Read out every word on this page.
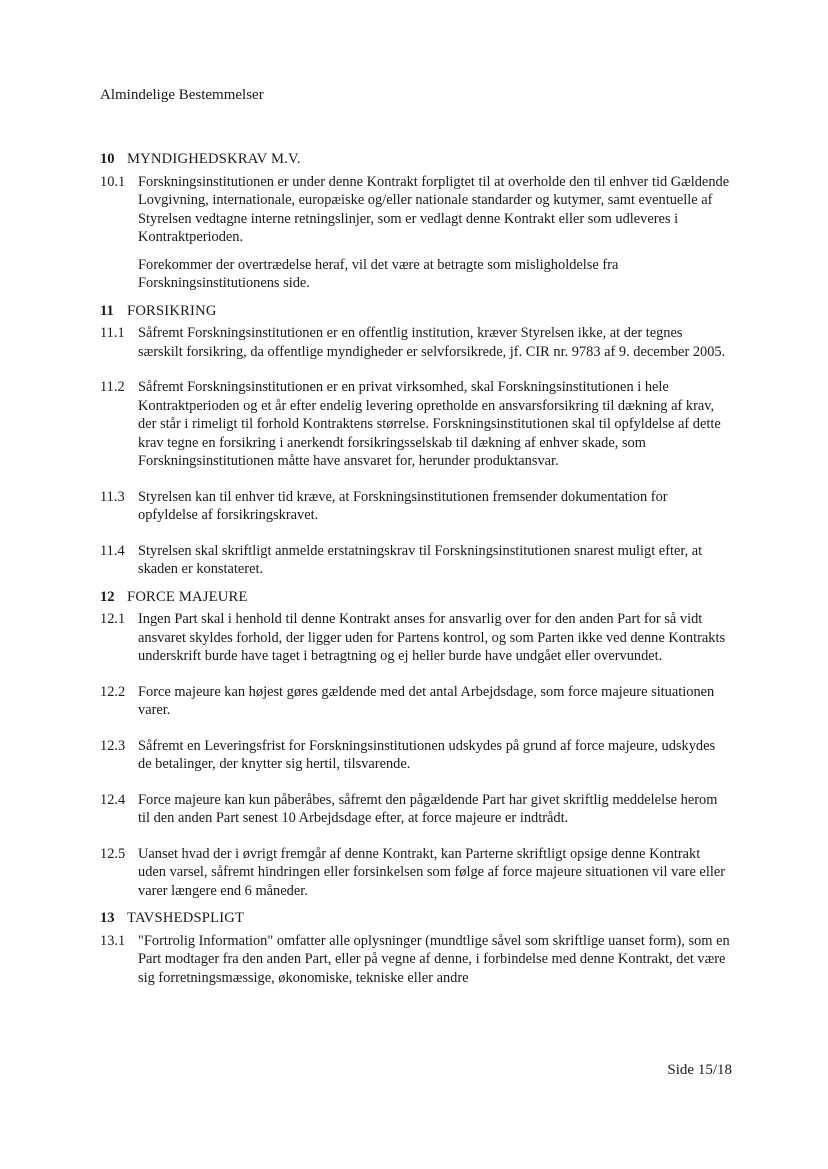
Almindelige Bestemmelser
10 MYNDIGHEDSKRAV M.V.
10.1 Forskningsinstitutionen er under denne Kontrakt forpligtet til at overholde den til enhver tid Gældende Lovgivning, internationale, europæiske og/eller nationale standarder og kutymer, samt eventuelle af Styrelsen vedtagne interne retningslinjer, som er vedlagt denne Kontrakt eller som udleveres i Kontraktperioden.

Forekommer der overtrædelse heraf, vil det være at betragte som misligholdelse fra Forskningsinstitutionens side.

11 FORSIKRING
11.1 Såfremt Forskningsinstitutionen er en offentlig institution, kræver Styrelsen ikke, at der tegnes særskilt forsikring, da offentlige myndigheder er selvforsikrede, jf. CIR nr. 9783 af 9. december 2005.

11.2 Såfremt Forskningsinstitutionen er en privat virksomhed, skal Forskningsinstitutionen i hele Kontraktperioden og et år efter endelig levering opretholde en ansvarsforsikring til dækning af krav, der står i rimeligt til forhold Kontraktens størrelse. Forskningsinstitutionen skal til opfyldelse af dette krav tegne en forsikring i anerkendt forsikringsselskab til dækning af enhver skade, som Forskningsinstitutionen måtte have ansvaret for, herunder produktansvar.

11.3 Styrelsen kan til enhver tid kræve, at Forskningsinstitutionen fremsender dokumentation for opfyldelse af forsikringskravet.

11.4 Styrelsen skal skriftligt anmelde erstatningskrav til Forskningsinstitutionen snarest muligt efter, at skaden er konstateret.

12 FORCE MAJEURE
12.1 Ingen Part skal i henhold til denne Kontrakt anses for ansvarlig over for den anden Part for så vidt ansvaret skyldes forhold, der ligger uden for Partens kontrol, og som Parten ikke ved denne Kontrakts underskrift burde have taget i betragtning og ej heller burde have undgået eller overvundet.

12.2 Force majeure kan højest gøres gældende med det antal Arbejdsdage, som force majeure situationen varer.

12.3 Såfremt en Leveringsfrist for Forskningsinstitutionen udskydes på grund af force majeure, udskydes de betalinger, der knytter sig hertil, tilsvarende.

12.4 Force majeure kan kun påberåbes, såfremt den pågældende Part har givet skriftlig meddelelse herom til den anden Part senest 10 Arbejdsdage efter, at force majeure er indtrådt.

12.5 Uanset hvad der i øvrigt fremgår af denne Kontrakt, kan Parterne skriftligt opsige denne Kontrakt uden varsel, såfremt hindringen eller forsinkelsen som følge af force majeure situationen vil vare eller varer længere end 6 måneder.

13 TAVSHEDSPLIGT
13.1 "Fortrolig Information" omfatter alle oplysninger (mundtlige såvel som skriftlige uanset form), som en Part modtager fra den anden Part, eller på vegne af denne, i forbindelse med denne Kontrakt, det være sig forretningsmæssige, økonomiske, tekniske eller andre

Side 15/18
